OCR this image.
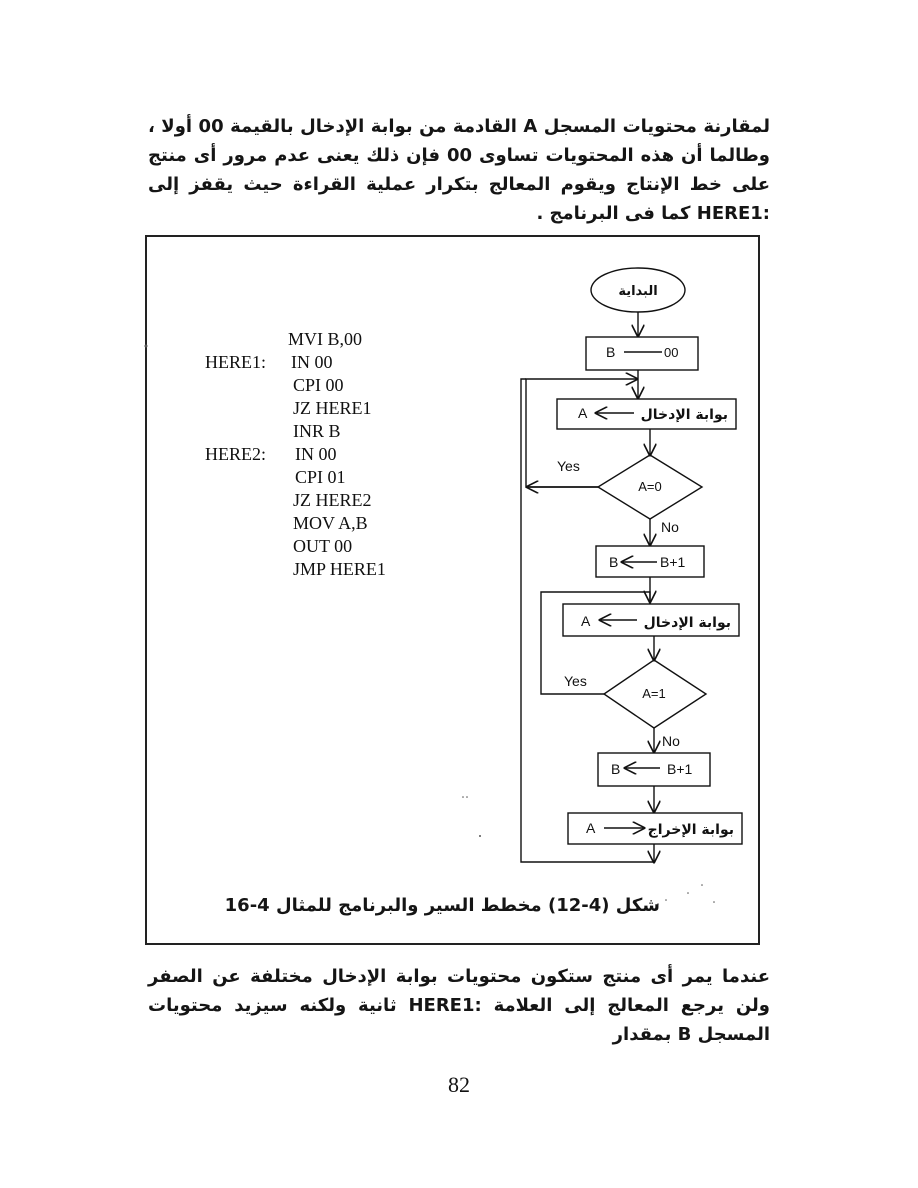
لمقارنة محتويات المسجل A القادمة من بوابة الإدخال بالقيمة 00 أولا ، وطالما أن هذه المحتويات تساوى 00 فإن ذلك يعنى عدم مرور أى منتج على خط الإنتاج ويقوم المعالج بتكرار عملية القراءة حيث يقفز إلى :HERE1 كما فى البرنامج .
MVI B,00
HERE1: IN 00
CPI 00
JZ HERE1
INR B
HERE2: IN 00
CPI 01
JZ HERE2
MOV A,B
OUT 00
JMP HERE1
البداية
B	00
A	بوابة الإدخال
Yes
A=0
No
B	B+1
A	بوابة الإدخال
Yes
A=1
No
B	B+1
A	بوابة الإخراج
شكل (4-12) مخطط السير والبرنامج للمثال 4-16
عندما يمر أى منتج ستكون محتويات بوابة الإدخال مختلفة عن الصفر ولن يرجع المعالج إلى العلامة :HERE1 ثانية ولكنه سيزيد محتويات المسجل B بمقدار
82
